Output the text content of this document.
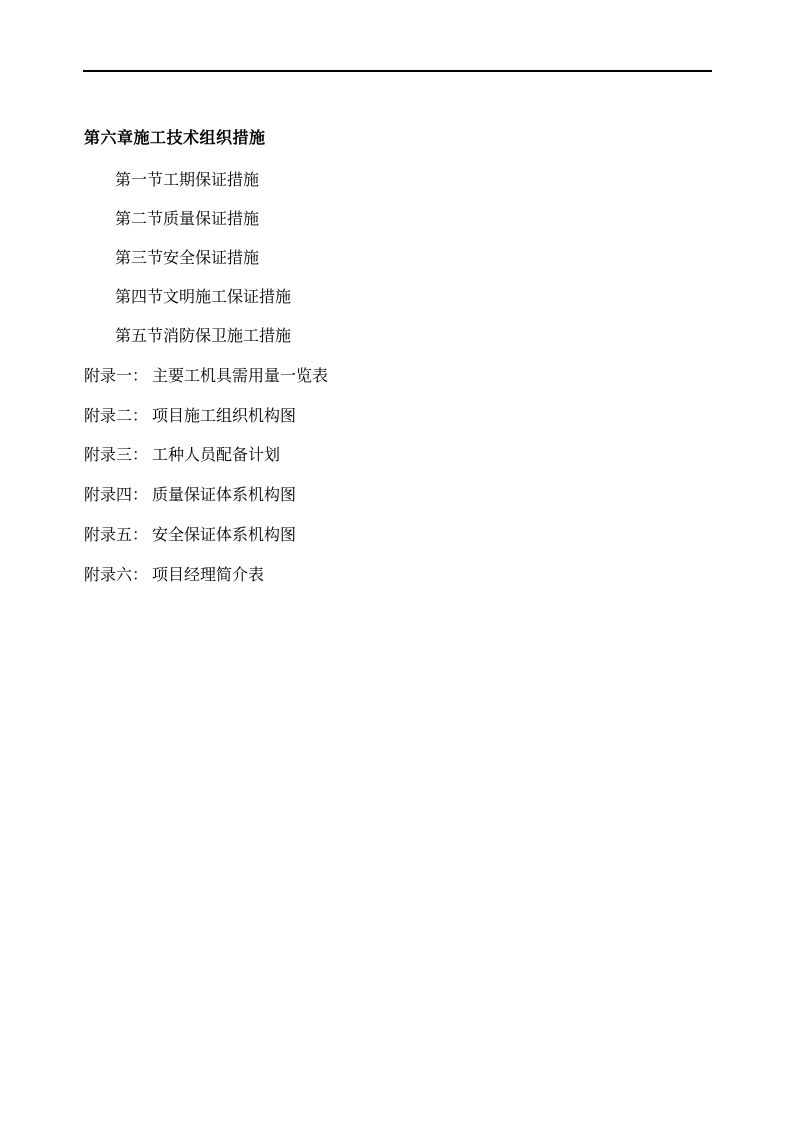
第六章施工技术组织措施
第一节工期保证措施
第二节质量保证措施
第三节安全保证措施
第四节文明施工保证措施
第五节消防保卫施工措施
附录一： 主要工机具需用量一览表
附录二： 项目施工组织机构图
附录三： 工种人员配备计划
附录四： 质量保证体系机构图
附录五： 安全保证体系机构图
附录六： 项目经理简介表
